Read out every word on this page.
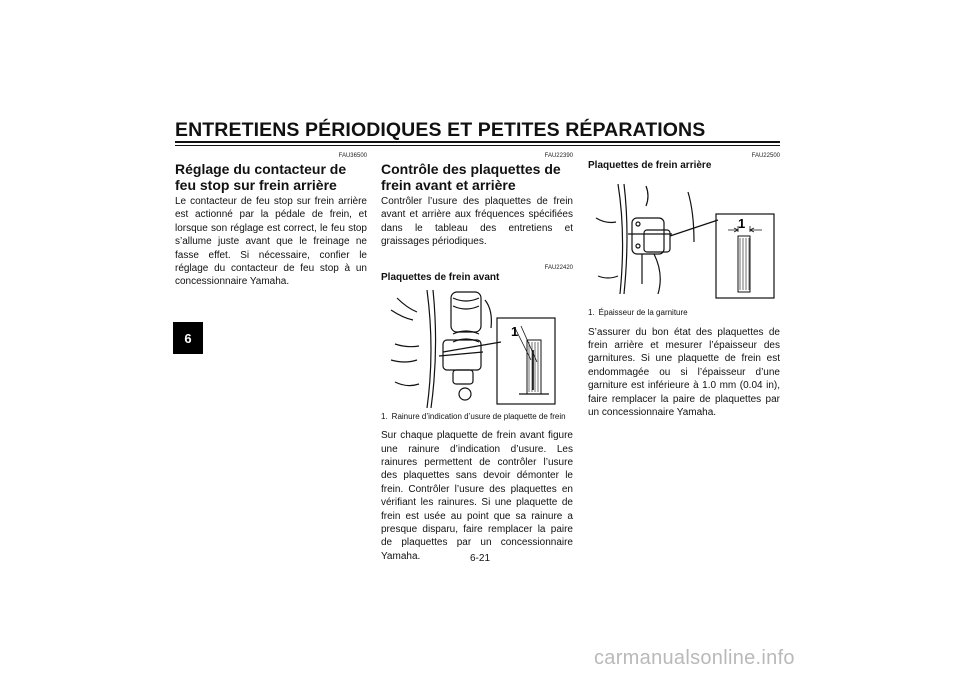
ENTRETIENS PÉRIODIQUES ET PETITES RÉPARATIONS
6
FAU36500
Réglage du contacteur de feu stop sur frein arrière

Le contacteur de feu stop sur frein arrière est actionné par la pédale de frein, et lorsque son réglage est correct, le feu stop s’allume juste avant que le freinage ne fasse effet. Si nécessaire, confier le réglage du contacteur de feu stop à un concessionnaire Yamaha.

FAU22390
Contrôle des plaquettes de frein avant et arrière

Contrôler l’usure des plaquettes de frein avant et arrière aux fréquences spécifiées dans le tableau des entretiens et graissages périodiques.

FAU22420
Plaquettes de frein avant
1
1. Rainure d’indication d’usure de plaquette de frein

Sur chaque plaquette de frein avant figure une rainure d’indication d’usure. Les rainures permettent de contrôler l’usure des plaquettes sans devoir démonter le frein. Contrôler l’usure des plaquettes en vérifiant les rainures. Si une plaquette de frein est usée au point que sa rainure a presque disparu, faire remplacer la paire de plaquettes par un concessionnaire Yamaha.

FAU22500
Plaquettes de frein arrière
1
1. Épaisseur de la garniture

S’assurer du bon état des plaquettes de frein arrière et mesurer l’épaisseur des garnitures. Si une plaquette de frein est endommagée ou si l’épaisseur d’une garniture est inférieure à 1.0 mm (0.04 in), faire remplacer la paire de plaquettes par un concessionnaire Yamaha.

6-21
carmanualsonline.info
